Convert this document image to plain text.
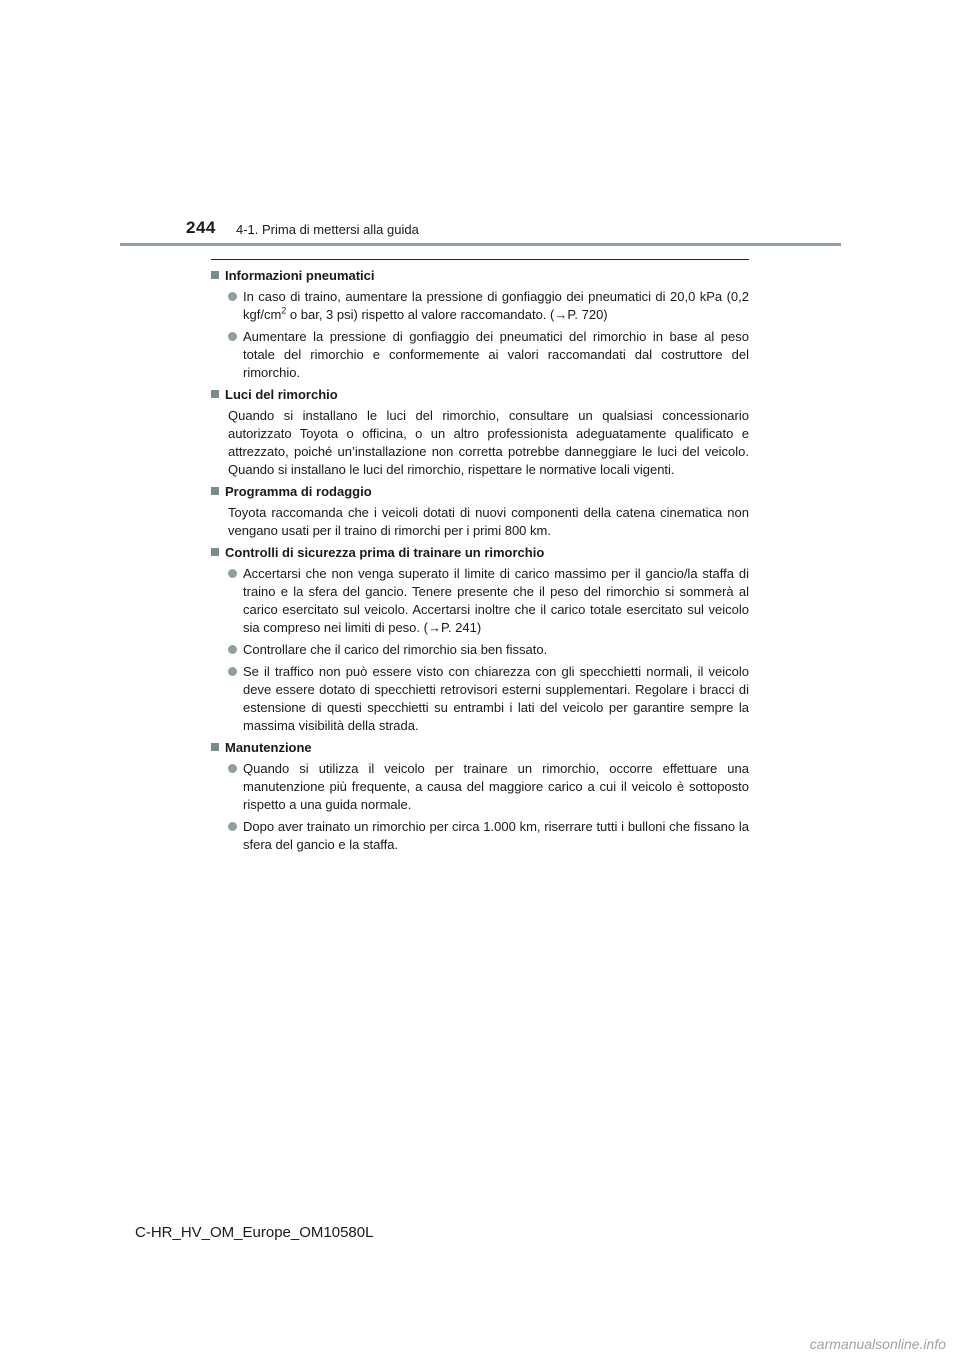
244 4-1. Prima di mettersi alla guida
Informazioni pneumatici
In caso di traino, aumentare la pressione di gonfiaggio dei pneumatici di 20,0 kPa (0,2 kgf/$cm^2$ o bar, 3 psi) rispetto al valore raccomandato. (→P. 720)
Aumentare la pressione di gonfiaggio dei pneumatici del rimorchio in base al peso totale del rimorchio e conformemente ai valori raccomandati dal costruttore del rimorchio.
Luci del rimorchio
Quando si installano le luci del rimorchio, consultare un qualsiasi concessionario autorizzato Toyota o officina, o un altro professionista adeguatamente qualificato e attrezzato, poiché un’installazione non corretta potrebbe danneggiare le luci del veicolo. Quando si installano le luci del rimorchio, rispettare le normative locali vigenti.
Programma di rodaggio
Toyota raccomanda che i veicoli dotati di nuovi componenti della catena cinematica non vengano usati per il traino di rimorchi per i primi 800 km.
Controlli di sicurezza prima di trainare un rimorchio
Accertarsi che non venga superato il limite di carico massimo per il gancio/la staffa di traino e la sfera del gancio. Tenere presente che il peso del rimorchio si sommerà al carico esercitato sul veicolo. Accertarsi inoltre che il carico totale esercitato sul veicolo sia compreso nei limiti di peso. (→P. 241)
Controllare che il carico del rimorchio sia ben fissato.
Se il traffico non può essere visto con chiarezza con gli specchietti normali, il veicolo deve essere dotato di specchietti retrovisori esterni supplementari. Regolare i bracci di estensione di questi specchietti su entrambi i lati del veicolo per garantire sempre la massima visibilità della strada.
Manutenzione
Quando si utilizza il veicolo per trainare un rimorchio, occorre effettuare una manutenzione più frequente, a causa del maggiore carico a cui il veicolo è sottoposto rispetto a una guida normale.
Dopo aver trainato un rimorchio per circa 1.000 km, riserrare tutti i bulloni che fissano la sfera del gancio e la staffa.
C-HR_HV_OM_Europe_OM10580L
carmanualsonline.info
